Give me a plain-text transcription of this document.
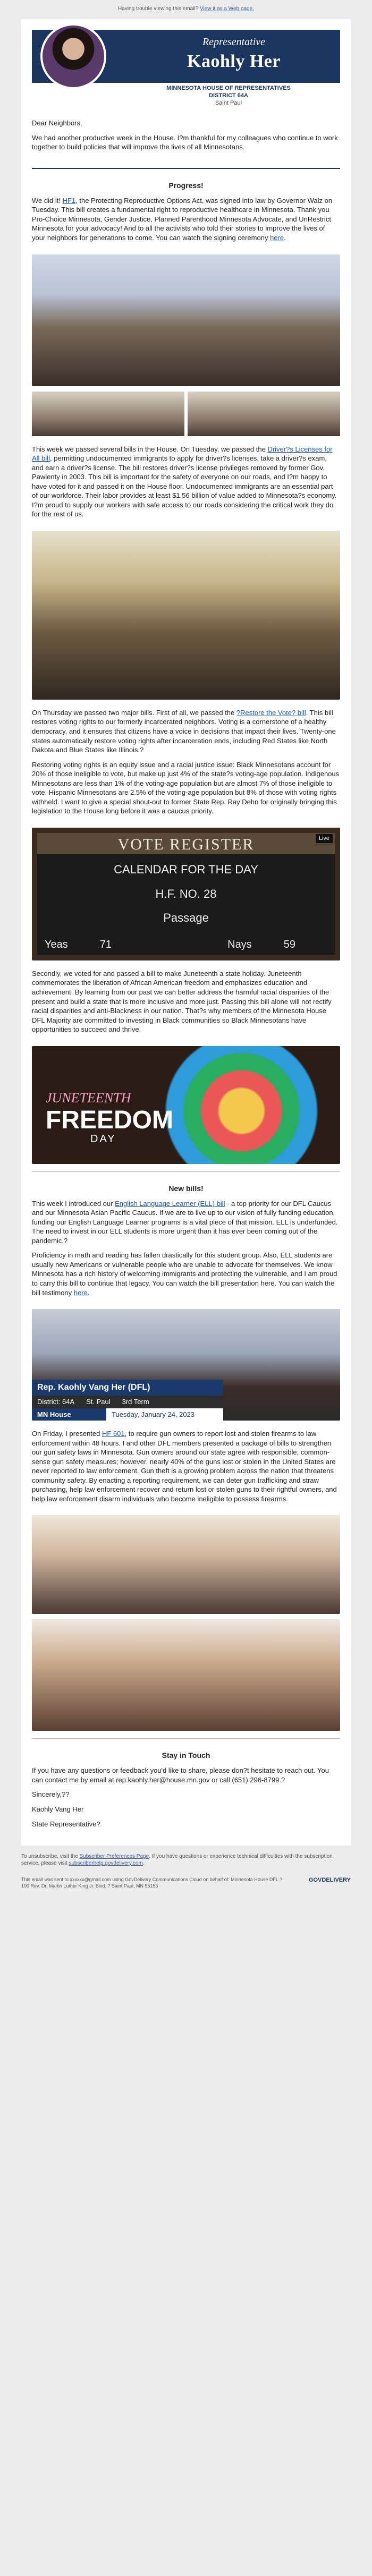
Having trouble viewing this email? View it as a Web page.
Representative
Kaohly Her
MINNESOTA HOUSE OF REPRESENTATIVES
DISTRICT 64A
Saint Paul

Dear Neighbors,

We had another productive week in the House. I?m thankful for my colleagues who continue to work together to build policies that will improve the lives of all Minnesotans.

Progress!

We did it! HF1, the Protecting Reproductive Options Act, was signed into law by Governor Walz on Tuesday. This bill creates a fundamental right to reproductive healthcare in Minnesota. Thank you Pro-Choice Minnesota, Gender Justice, Planned Parenthood Minnesota Advocate, and UnRestrict Minnesota for your advocacy! And to all the activists who told their stories to improve the lives of your neighbors for generations to come. You can watch the signing ceremony here.

This week we passed several bills in the House. On Tuesday, we passed the Driver?s Licenses for All bill, permitting undocumented immigrants to apply for driver?s licenses, take a driver?s exam, and earn a driver?s license. The bill restores driver?s license privileges removed by former Gov. Pawlenty in 2003. This bill is important for the safety of everyone on our roads, and I?m happy to have voted for it and passed it on the House floor. Undocumented immigrants are an essential part of our workforce. Their labor provides at least $1.56 billion of value added to Minnesota?s economy. I?m proud to supply our workers with safe access to our roads considering the critical work they do for the rest of us.

On Thursday we passed two major bills. First of all, we passed the ?Restore the Vote? bill. This bill restores voting rights to our formerly incarcerated neighbors. Voting is a cornerstone of a healthy democracy, and it ensures that citizens have a voice in decisions that impact their lives. Twenty-one states automatically restore voting rights after incarceration ends, including Red States like North Dakota and Blue States like Illinois.?

Restoring voting rights is an equity issue and a racial justice issue: Black Minnesotans account for 20% of those ineligible to vote, but make up just 4% of the state?s voting-age population. Indigenous Minnesotans are less than 1% of the voting-age population but are almost 7% of those ineligible to vote. Hispanic Minnesotans are 2.5% of the voting-age population but 8% of those with voting rights withheld. I want to give a special shout-out to former State Rep. Ray Dehn for originally bringing this legislation to the House long before it was a caucus priority.

VOTE REGISTER	Live
CALENDAR FOR THE DAY
H.F. NO. 28
Passage
Yeas	71	Nays	59

Secondly, we voted for and passed a bill to make Juneteenth a state holiday. Juneteenth commemorates the liberation of African American freedom and emphasizes education and achievement. By learning from our past we can better address the harmful racial disparities of the present and build a state that is more inclusive and more just. Passing this bill alone will not rectify racial disparities and anti-Blackness in our nation. That?s why members of the Minnesota House DFL Majority are committed to investing in Black communities so Black Minnesotans have opportunities to succeed and thrive.

JUNETEENTH
FREEDOM
DAY
New bills!

This week I introduced our English Language Learner (ELL) bill - a top priority for our DFL Caucus and our Minnesota Asian Pacific Caucus. If we are to live up to our vision of fully funding education, funding our English Language Learner programs is a vital piece of that mission. ELL is underfunded. The need to invest in our ELL students is more urgent than it has ever been coming out of the pandemic.?

Proficiency in math and reading has fallen drastically for this student group. Also, ELL students are usually new Americans or vulnerable people who are unable to advocate for themselves. We know Minnesota has a rich history of welcoming immigrants and protecting the vulnerable, and I am proud to carry this bill to continue that legacy. You can watch the bill presentation here. You can watch the bill testimony here.

Rep. Kaohly Vang Her (DFL)
District: 64A St. Paul 3rd Term
MN House	Tuesday, January 24, 2023

On Friday, I presented HF 601, to require gun owners to report lost and stolen firearms to law enforcement within 48 hours. I and other DFL members presented a package of bills to strengthen our gun safety laws in Minnesota. Gun owners around our state agree with responsible, common-sense gun safety measures; however, nearly 40% of the guns lost or stolen in the United States are never reported to law enforcement. Gun theft is a growing problem across the nation that threatens community safety. By enacting a reporting requirement, we can deter gun trafficking and straw purchasing, help law enforcement recover and return lost or stolen guns to their rightful owners, and help law enforcement disarm individuals who become ineligible to possess firearms.

Stay in Touch

If you have any questions or feedback you'd like to share, please don?t hesitate to reach out. You can contact me by email at rep.kaohly.her@house.mn.gov or call (651) 296-8799.?

Sincerely,??

Kaohly Vang Her

State Representative?

To unsubscribe, visit the Subscriber Preferences Page. If you have questions or experience technical difficulties with the subscription service, please visit subscriberhelp.govdelivery.com.
This email was sent to xxxxxx@gmail.com using GovDelivery Communications Cloud on behalf of: Minnesota House DFL ? 100 Rev. Dr. Martin Luther King Jr. Blvd. ? Saint Paul, MN 55155
GOVDELIVERY
